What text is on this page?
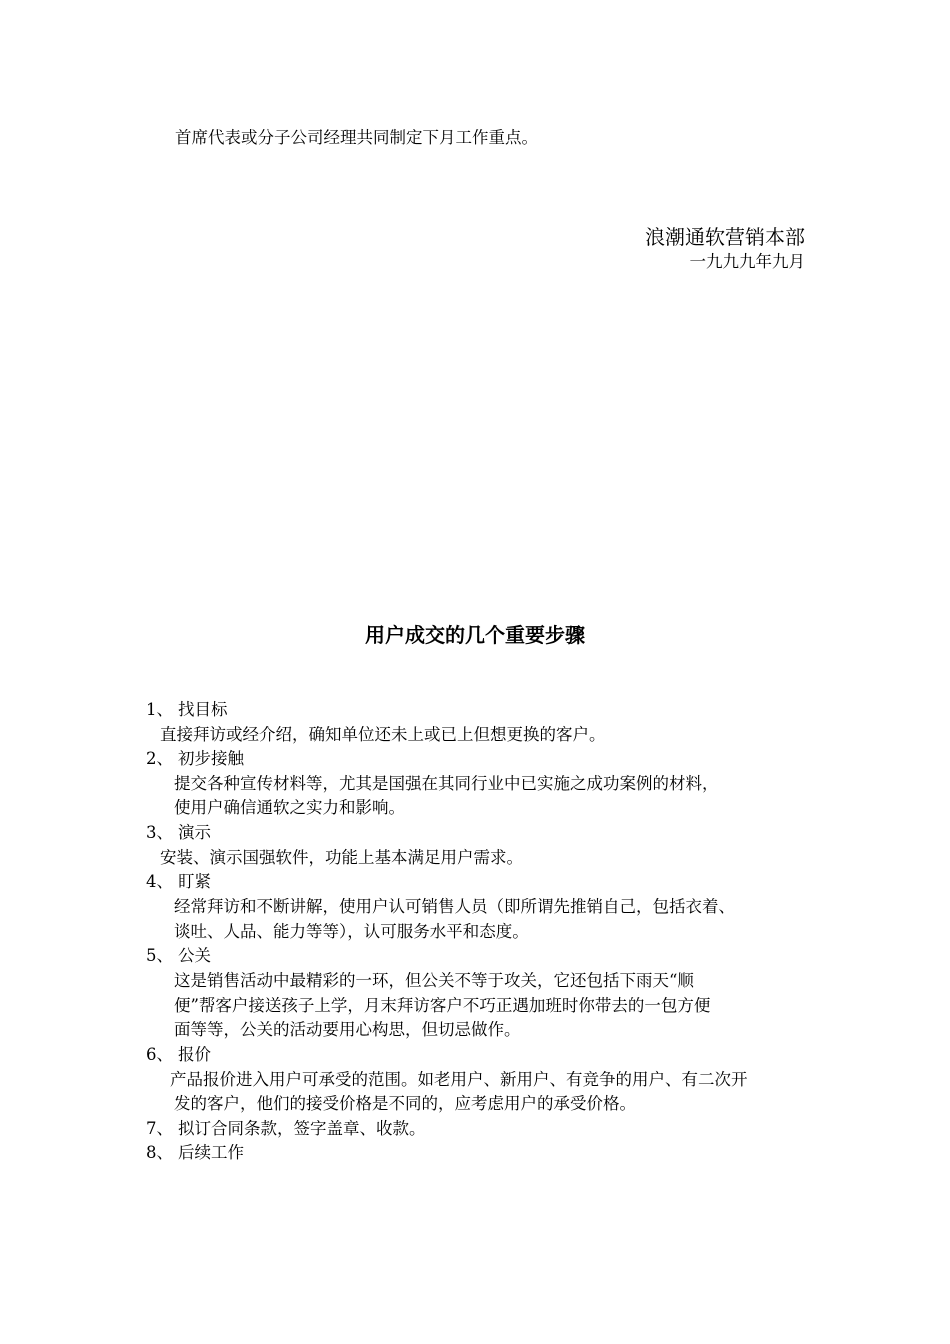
首席代表或分子公司经理共同制定下月工作重点。
浪潮通软营销本部
一九九九年九月
用户成交的几个重要步骤
1、 找目标
直接拜访或经介绍，确知单位还未上或已上但想更换的客户。
2、 初步接触
提交各种宣传材料等，尤其是国强在其同行业中已实施之成功案例的材料，
使用户确信通软之实力和影响。
3、 演示
安装、演示国强软件，功能上基本满足用户需求。
4、 盯紧
经常拜访和不断讲解，使用户认可销售人员（即所谓先推销自己，包括衣着、
谈吐、人品、能力等等），认可服务水平和态度。
5、 公关
这是销售活动中最精彩的一环，但公关不等于攻关，它还包括下雨天“顺
便”帮客户接送孩子上学，月末拜访客户不巧正遇加班时你带去的一包方便
面等等，公关的活动要用心构思，但切忌做作。
6、 报价
产品报价进入用户可承受的范围。如老用户、新用户、有竞争的用户、有二次开
发的客户，他们的接受价格是不同的，应考虑用户的承受价格。
7、 拟订合同条款，签字盖章、收款。
8、 后续工作
